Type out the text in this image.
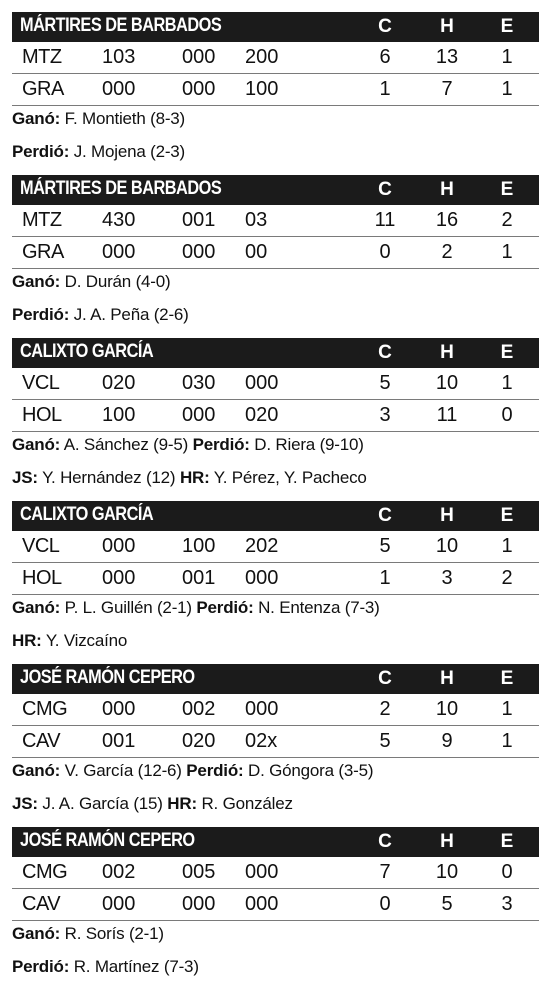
MÁRTIRES DE BARBADOS	C	H	E
MTZ 103 000 200	6	13	1
GRA 000 000 100	1	7	1
Ganó: F. Montieth (8-3)
Perdió: J. Mojena (2-3)
MÁRTIRES DE BARBADOS	C	H	E
MTZ 430 001 03	11	16	2
GRA 000 000 00	0	2	1
Ganó: D. Durán (4-0)
Perdió: J. A. Peña (2-6)
CALIXTO GARCÍA	C	H	E
VCL 020 030 000	5	10	1
HOL 100 000 020	3	11	0
Ganó: A. Sánchez (9-5) Perdió: D. Riera (9-10)
JS: Y. Hernández (12) HR: Y. Pérez, Y. Pacheco
CALIXTO GARCÍA	C	H	E
VCL 000 100 202	5	10	1
HOL 000 001 000	1	3	2
Ganó: P. L. Guillén (2-1) Perdió: N. Entenza (7-3)
HR: Y. Vizcaíno
JOSÉ RAMÓN CEPERO	C	H	E
CMG 000 002 000	2	10	1
CAV 001 020 02x	5	9	1
Ganó: V. García (12-6) Perdió: D. Góngora (3-5)
JS: J. A. García (15) HR: R. González
JOSÉ RAMÓN CEPERO	C	H	E
CMG 002 005 000	7	10	0
CAV 000 000 000	0	5	3
Ganó: R. Sorís (2-1)
Perdió: R. Martínez (7-3)
